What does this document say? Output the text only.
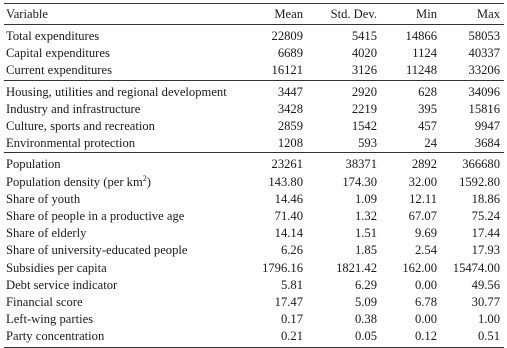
Variable	Mean	Std. Dev.	Min	Max
Total expenditures	22809	5415	14866	58053
Capital expenditures	6689	4020	1124	40337
Current expenditures	16121	3126	11248	33206
Housing, utilities and regional development	3447	2920	628	34096
Industry and infrastructure	3428	2219	395	15816
Culture, sports and recreation	2859	1542	457	9947
Environmental protection	1208	593	24	3684
Population	23261	38371	2892	366680
Population density (per $km^2$)	143.80	174.30	32.00	1592.80
Share of youth	14.46	1.09	12.11	18.86
Share of people in a productive age	71.40	1.32	67.07	75.24
Share of elderly	14.14	1.51	9.69	17.44
Share of university-educated people	6.26	1.85	2.54	17.93
Subsidies per capita	1796.16	1821.42	162.00	15474.00
Debt service indicator	5.81	6.29	0.00	49.56
Financial score	17.47	5.09	6.78	30.77
Left-wing parties	0.17	0.38	0.00	1.00
Party concentration	0.21	0.05	0.12	0.51
